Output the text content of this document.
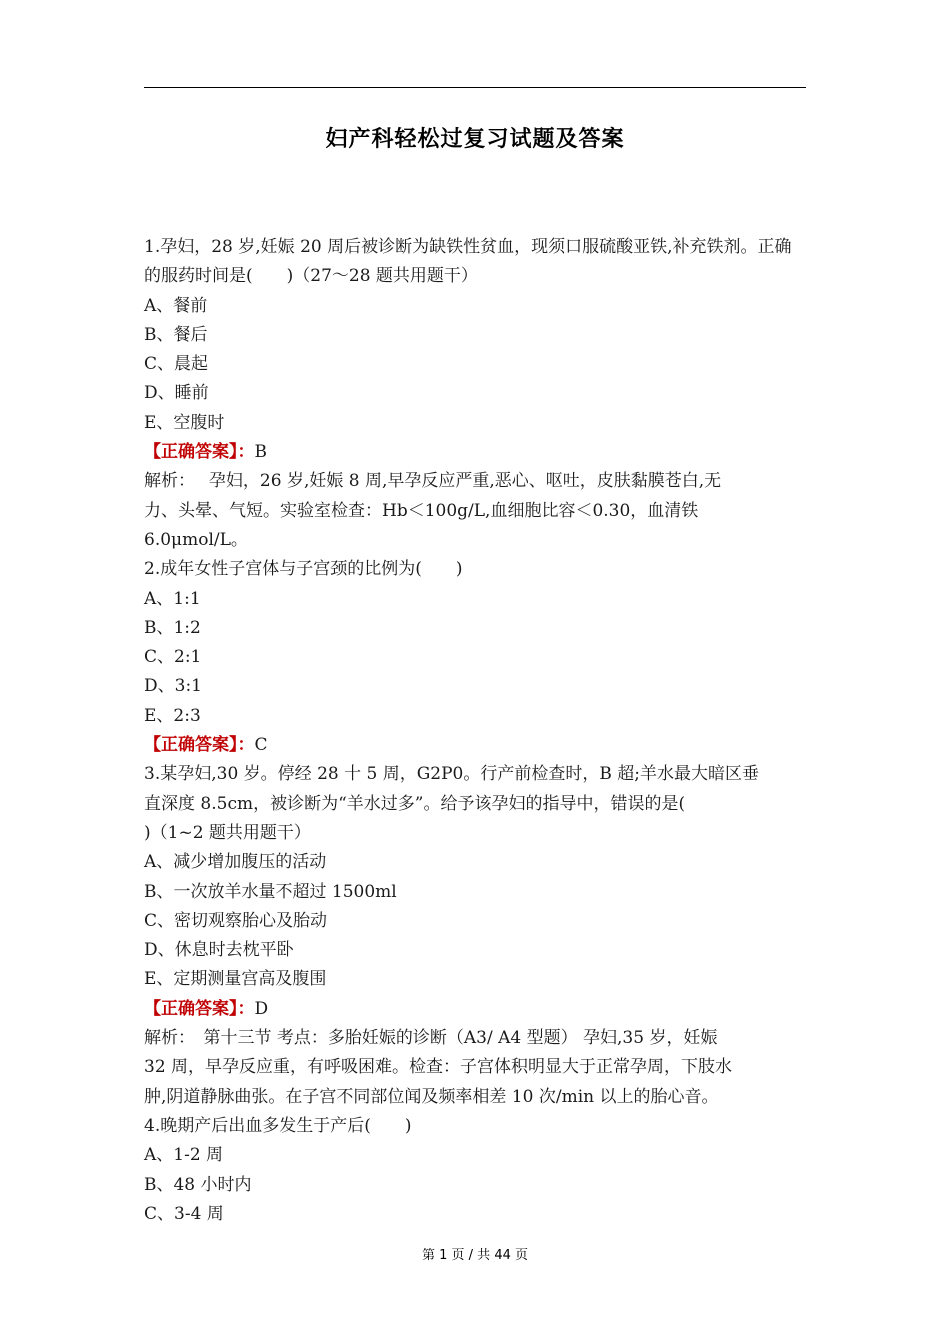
妇产科轻松过复习试题及答案
1.孕妇，28 岁,妊娠 20 周后被诊断为缺铁性贫血，现须口服硫酸亚铁,补充铁剂。正确的服药时间是(　　)（27～28 题共用题干）
A、餐前
B、餐后
C、晨起
D、睡前
E、空腹时
【正确答案】：B
解析：　 孕妇，26 岁,妊娠 8 周,早孕反应严重,恶心、呕吐，皮肤黏膜苍白,无
力、头晕、气短。实验室检查：Hb＜100g/L,血细胞比容＜0.30，血清铁
6.0μmol/L。
2.成年女性子宫体与子宫颈的比例为(　　)
A、1:1
B、1:2
C、2:1
D、3:1
E、2:3
【正确答案】：C
3.某孕妇,30 岁。停经 28 十 5 周，G2P0。行产前检查时，B 超;羊水最大暗区垂
直深度 8.5cm，被诊断为“羊水过多”。给予该孕妇的指导中，错误的是(
)（1~2 题共用题干）
A、减少增加腹压的活动
B、一次放羊水量不超过 1500ml
C、密切观察胎心及胎动
D、休息时去枕平卧
E、定期测量宫高及腹围
【正确答案】：D
解析：　第十三节 考点：多胎妊娠的诊断（A3/ A4 型题） 孕妇,35 岁，妊娠
32 周，早孕反应重，有呼吸困难。检查：子宫体积明显大于正常孕周，下肢水
肿,阴道静脉曲张。在子宫不同部位闻及频率相差 10 次/min 以上的胎心音。
4.晚期产后出血多发生于产后(　　)
A、1-2 周
B、48 小时内
C、3-4 周
第 1 页 / 共 44 页
